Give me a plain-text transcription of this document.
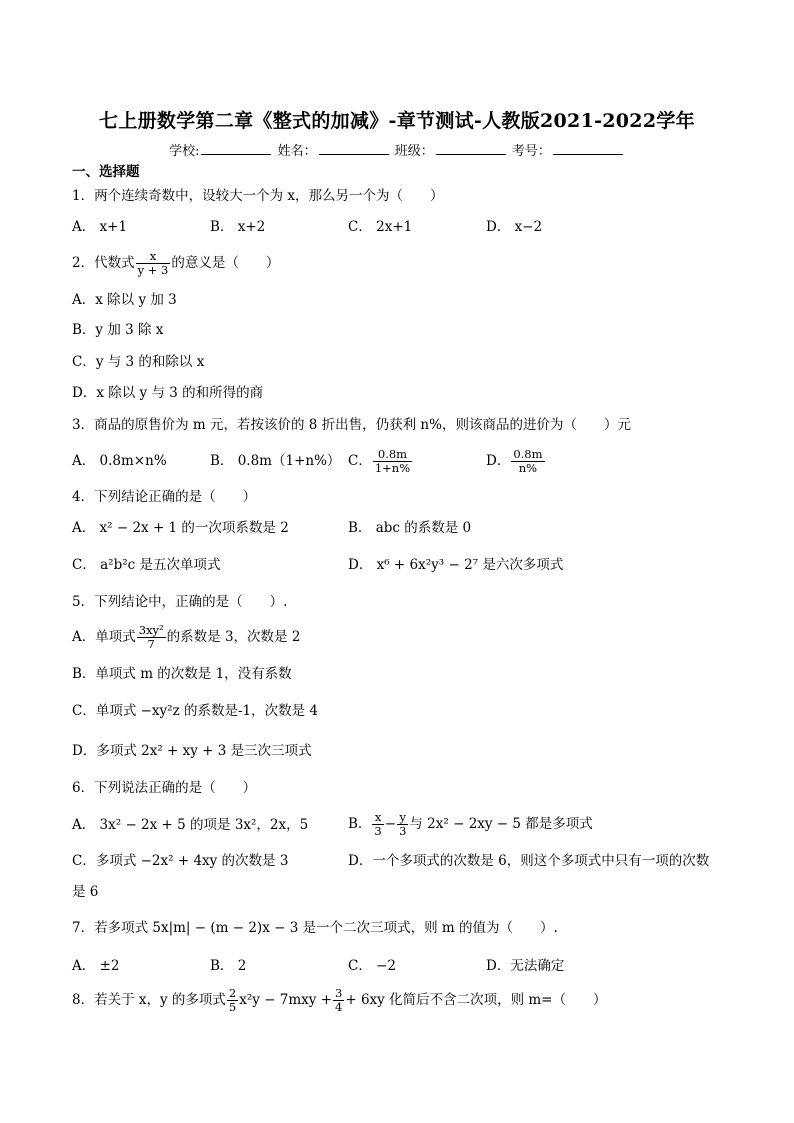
七上册数学第二章《整式的加减》-章节测试-人教版2021-2022学年
学校:	姓名：	班级：	考号：
一、选择题
1．两个连续奇数中，设较大一个为 x，那么另一个为（　　）
A． x+1	B． x+2	C． 2x+1	D． x−2
2．代数式 $\frac{x}{y + 3}$ 的意义是（　　）
A．x 除以 y 加 3
B．y 加 3 除 x
C．y 与 3 的和除以 x
D．x 除以 y 与 3 的和所得的商
3．商品的原售价为 m 元，若按该价的 8 折出售，仍获利 n%，则该商品的进价为（　　）元
A． 0.8m×n%	B． 0.8m（1+n%） C． $\frac{0.8m}{1+n\%}$	D． $\frac{0.8m}{n\%}$
4．下列结论正确的是（　　）
A． x² − 2x + 1 的一次项系数是 2	B． abc 的系数是 0
C． a²b²c 是五次单项式	D． x⁶ + 6x²y³ − 2⁷ 是六次多项式
5．下列结论中，正确的是（　　）.
A．单项式 $\frac{\text{3xy²}}{7}$ 的系数是 3，次数是 2
B．单项式 m 的次数是 1，没有系数
C．单项式 −xy²z 的系数是-1，次数是 4
D．多项式 2x² + xy + 3 是三次三项式
6．下列说法正确的是（　　）
A． 3x² − 2x + 5 的项是 3x²，2x，5	B． $\frac{x}{3} - \frac{y}{3}$ 与 2x² − 2xy − 5 都是多项式
C．多项式 −2x² + 4xy 的次数是 3	D．一个多项式的次数是 6，则这个多项式中只有一项的次数
是 6
7．若多项式 5x|m| − (m − 2)x − 3 是一个二次三项式，则 m 的值为（　　）.
A． ±2	B． 2	C． −2	D．无法确定
8．若关于 x，y 的多项式 $\frac{2}{5} x^2y - 7mxy + \frac{3}{4} + 6xy$ 化简后不含二次项，则 m=（　　）
